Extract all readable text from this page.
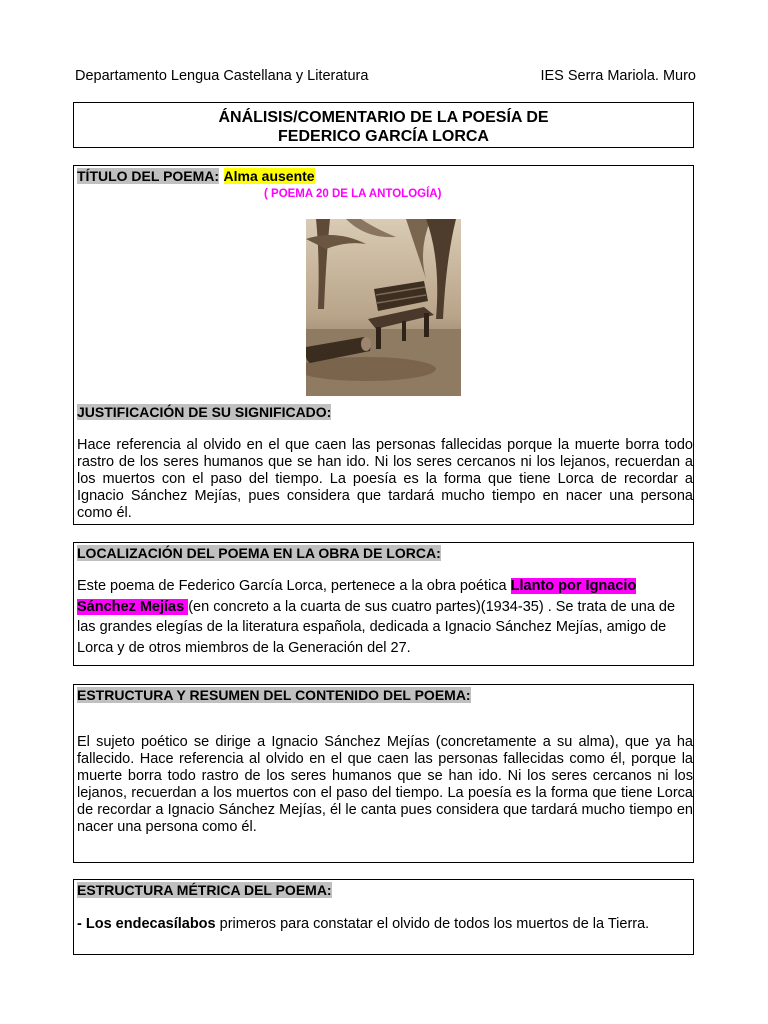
Departamento Lengua Castellana y Literatura	IES Serra Mariola. Muro
ÁNÁLISIS/COMENTARIO DE LA POESÍA DE
FEDERICO GARCÍA LORCA
TÍTULO DEL POEMA: Alma ausente
( POEMA 20 DE LA ANTOLOGÍA)
JUSTIFICACIÓN DE SU SIGNIFICADO:

Hace referencia al olvido en el que caen las personas fallecidas porque la muerte borra todo rastro de los seres humanos que se han ido. Ni los seres cercanos ni los lejanos, recuerdan a los muertos con el paso del tiempo. La poesía es la forma que tiene Lorca de recordar a Ignacio Sánchez Mejías, pues considera que tardará mucho tiempo en nacer una persona como él.

LOCALIZACIÓN DEL POEMA EN LA OBRA DE LORCA:

Este poema de Federico García Lorca, pertenece a la obra poética Llanto por Ignacio Sánchez Mejías (en concreto a la cuarta de sus cuatro partes)(1934-35) . Se trata de una de las grandes elegías de la literatura española, dedicada a Ignacio Sánchez Mejías, amigo de Lorca y de otros miembros de la Generación del 27.

ESTRUCTURA Y RESUMEN DEL CONTENIDO DEL POEMA:

El sujeto poético se dirige a Ignacio Sánchez Mejías (concretamente a su alma), que ya ha fallecido. Hace referencia al olvido en el que caen las personas fallecidas como él, porque la muerte borra todo rastro de los seres humanos que se han ido. Ni los seres cercanos ni los lejanos, recuerdan a los muertos con el paso del tiempo. La poesía es la forma que tiene Lorca de recordar a Ignacio Sánchez Mejías, él le canta pues considera que tardará mucho tiempo en nacer una persona como él.

ESTRUCTURA MÉTRICA DEL POEMA:

- Los endecasílabos primeros para constatar el olvido de todos los muertos de la Tierra.
